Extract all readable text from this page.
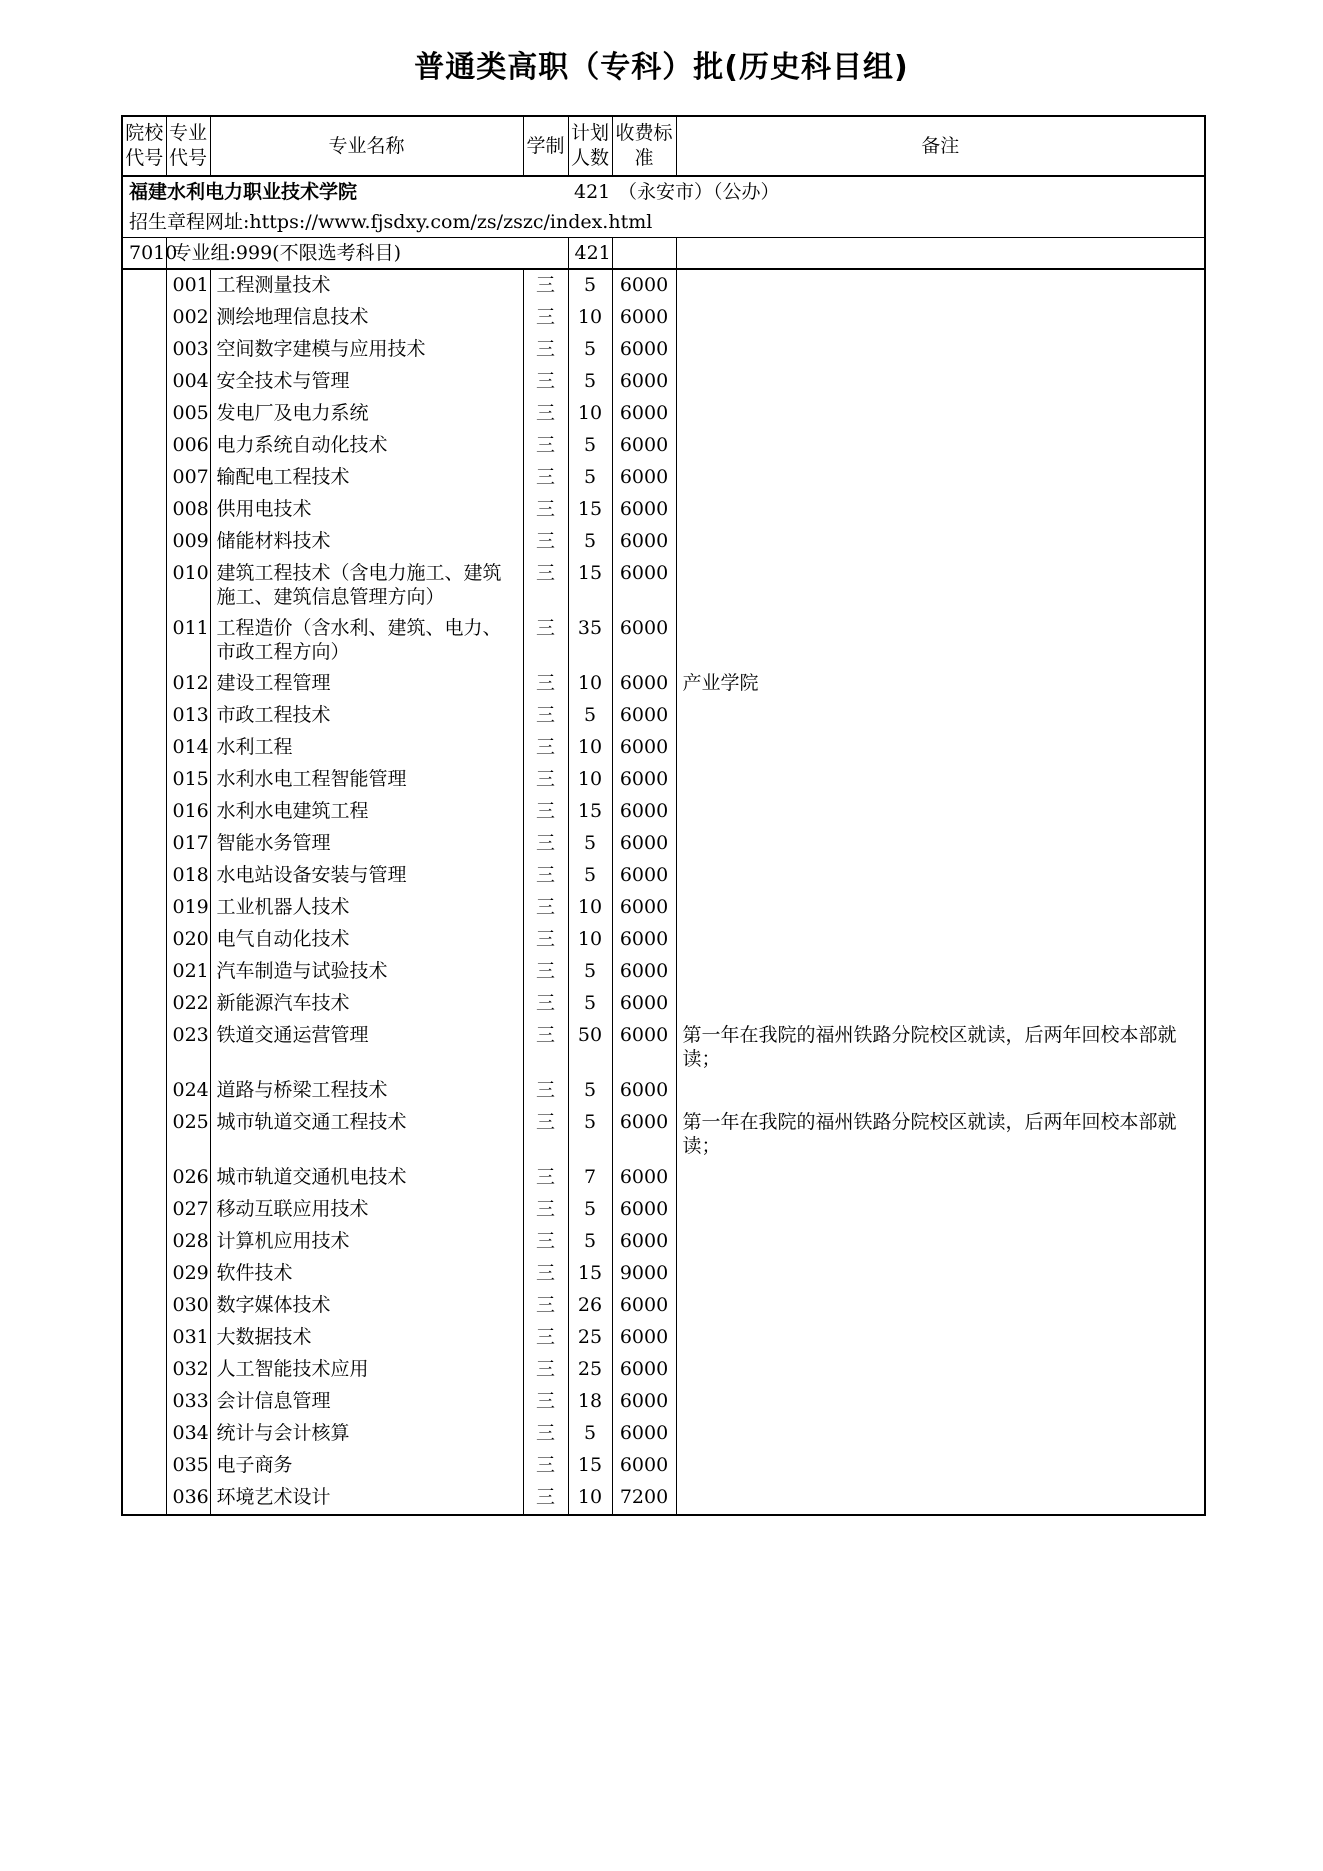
普通类高职（专科）批(历史科目组)
院校代号	专业代号	专业名称	学制	计划人数	收费标准	备注
福建水利电力职业技术学院				421	（永安市）（公办）	
招生章程网址:https://www.fjsdxy.com/zs/zszc/index.html						
7010	专业组:999(不限选考科目)			421		
	001	工程测量技术	三	5	6000	
	002	测绘地理信息技术	三	10	6000	
	003	空间数字建模与应用技术	三	5	6000	
	004	安全技术与管理	三	5	6000	
	005	发电厂及电力系统	三	10	6000	
	006	电力系统自动化技术	三	5	6000	
	007	输配电工程技术	三	5	6000	
	008	供用电技术	三	15	6000	
	009	储能材料技术	三	5	6000	
	010	建筑工程技术（含电力施工、建筑施工、建筑信息管理方向）	三	15	6000	
	011	工程造价（含水利、建筑、电力、市政工程方向）	三	35	6000	
	012	建设工程管理	三	10	6000	产业学院
	013	市政工程技术	三	5	6000	
	014	水利工程	三	10	6000	
	015	水利水电工程智能管理	三	10	6000	
	016	水利水电建筑工程	三	15	6000	
	017	智能水务管理	三	5	6000	
	018	水电站设备安装与管理	三	5	6000	
	019	工业机器人技术	三	10	6000	
	020	电气自动化技术	三	10	6000	
	021	汽车制造与试验技术	三	5	6000	
	022	新能源汽车技术	三	5	6000	
	023	铁道交通运营管理	三	50	6000	第一年在我院的福州铁路分院校区就读，后两年回校本部就读；
	024	道路与桥梁工程技术	三	5	6000	
	025	城市轨道交通工程技术	三	5	6000	第一年在我院的福州铁路分院校区就读，后两年回校本部就读；
	026	城市轨道交通机电技术	三	7	6000	
	027	移动互联应用技术	三	5	6000	
	028	计算机应用技术	三	5	6000	
	029	软件技术	三	15	9000	
	030	数字媒体技术	三	26	6000	
	031	大数据技术	三	25	6000	
	032	人工智能技术应用	三	25	6000	
	033	会计信息管理	三	18	6000	
	034	统计与会计核算	三	5	6000	
	035	电子商务	三	15	6000	
	036	环境艺术设计	三	10	7200	
